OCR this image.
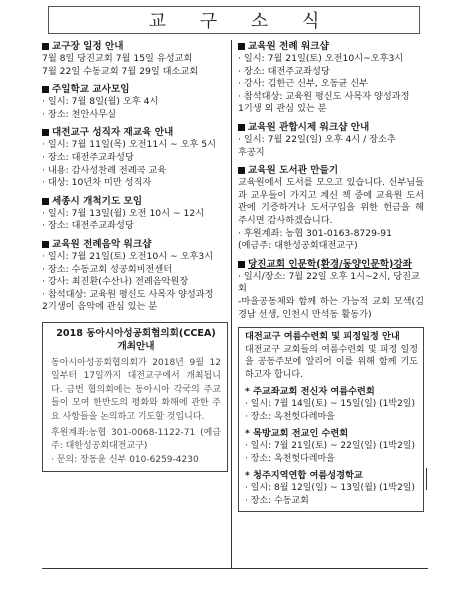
교 구 소 식
교구장 일정 안내
7월 8일 당진교회 7월 15일 유성교회
7월 22일 수동교회 7월 29일 대소교회
주일학교 교사모임
· 일시: 7월 8일(월) 오후 4시
· 장소: 천안사무실
대전교구 성직자 재교육 안내
· 일시: 7월 11일(목) 오전11시 ~ 오후 5시
· 장소: 대전주교좌성당
· 내용: 감사성찬례 전례곡 교육
· 대상: 10년차 미만 성직자
세종시 개척기도 모임
· 일시: 7월 13일(월) 오전 10시 ~ 12시
· 장소: 대전주교좌성당
교육원 전례음악 워크샵
· 일시: 7월 21일(토) 오전10시 ~ 오후3시
· 장소: 수동교회 성공회비전센터
· 강사: 최진환(수산나) 전례음악원장
· 참석대상: 교육원 평신도 사목자 양성과정
2기생이 음악에 관심 있는 분
2018 동아시아성공회협의회(CCEA)
개최안내
동아시아성공회협의회가 2018년 9월 12일부터 17일까지 대전교구에서 개최됩니다. 금번 협의회에는 동아시아 각국의 주교들이 모여 한반도의 평화와 화해에 관한 주요 사항들을 논의하고 기도할 것입니다.
후원계좌:농협 301-0068-1122-71 (예금주: 대한성공회대전교구)
· 문의: 장동윤 신부 010-6259-4230
교육원 전례 워크샵
· 일시: 7월 21일(토) 오전10시~오후3시
· 장소: 대전주교좌성당
· 강사: 김한근 신부, 오동균 신부
· 참석대상: 교육원 평신도 사목자 양성과정
1기생 외 관심 있는 분
교육원 관합시제 워크샵 안내
· 일시: 7월 22일(일) 오후 4시 / 장소추
후공지
교육원 도서관 만들기
교육원에서 도서를 모으고 있습니다. 신부님들과 교우들이 가지고 계신 책 중에 교육원 도서관에 기증하거나 도서구입을 위한 헌금을 해 주시면 감사하겠습니다.
· 후원계좌: 농협 301-0163-8729-91
(예금주: 대한성공회대전교구)
당진교회 인문학(환경/동양인문학)강좌
· 일시/장소: 7월 22일 오후 1시~2시, 당진교회
-마을공동체와 함께 하는 가능적 교회 모색(김경남 선생, 인천시 만석동 활동가)
대전교구 여름수련회 및 피정일정 안내
대전교구 교회들의 여름수련회 및 피정 일정을 공동주보에 알리어 이를 위해 함께 기도하고자 합니다.
* 주교좌교회 전신자 여름수련회
· 일시: 7월 14일(토) ~ 15일(일) (1박2일)
· 장소: 옥천헛다레마을
* 목방교회 전교인 수련회
· 일시: 7월 21일(토) ~ 22일(일) (1박2일)
· 장소: 옥천헛다레마을
* 청주지역연합 여름성경학교
· 일시: 8월 12일(일) ~ 13일(월) (1박2일)
· 장소: 수동교회
